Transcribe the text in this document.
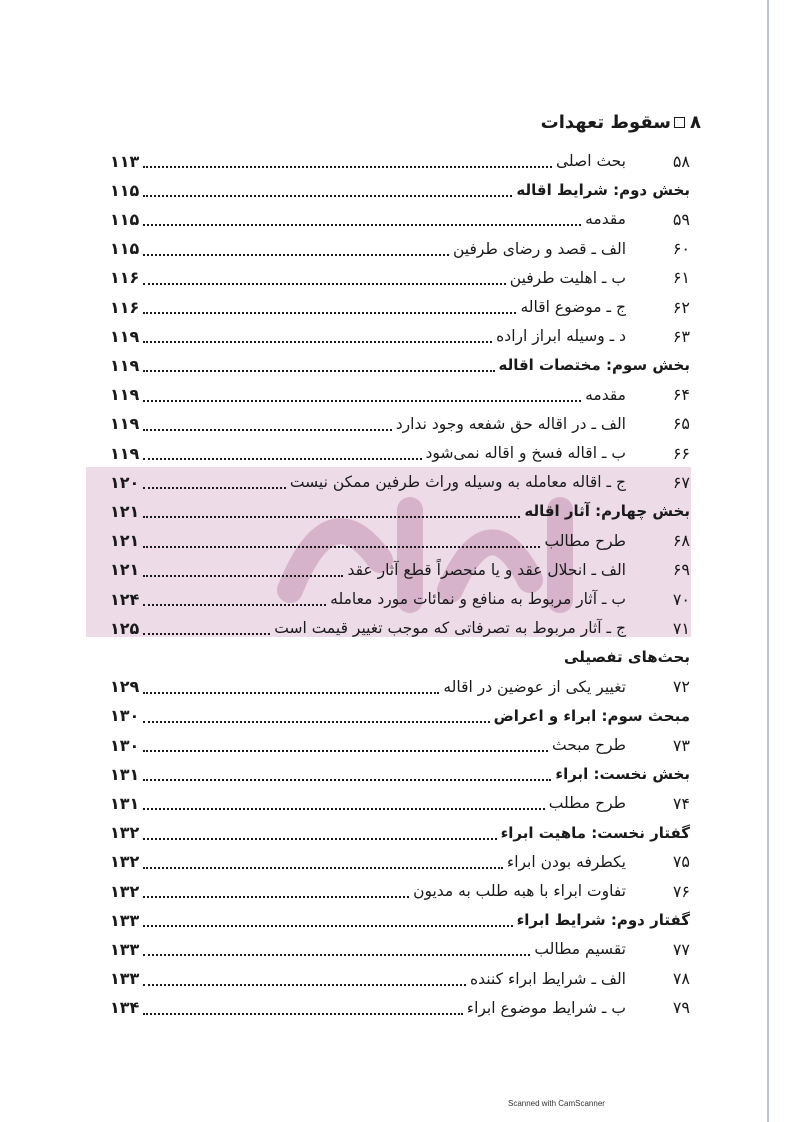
۸سقوط تعهدات
۵۸
بحث اصلی
۱۱۳
بخش دوم: شرایط اقاله
۱۱۵
۵۹
مقدمه
۱۱۵
۶۰
الف ـ قصد و رضای طرفین
۱۱۵
۶۱
ب ـ اهلیت طرفین
۱۱۶
۶۲
ج ـ موضوع اقاله
۱۱۶
۶۳
د ـ وسیله ابراز اراده
۱۱۹
بخش سوم: مختصات اقاله
۱۱۹
۶۴
مقدمه
۱۱۹
۶۵
الف ـ در اقاله حق شفعه وجود ندارد
۱۱۹
۶۶
ب ـ اقاله فسخ و اقاله نمی‌شود
۱۱۹
۶۷
ج ـ اقاله معامله به وسیله وراث طرفین ممکن نیست
۱۲۰
بخش چهارم: آثار اقاله
۱۲۱
۶۸
طرح مطالب
۱۲۱
۶۹
الف ـ انحلال عقد و یا منحصراً قطع آثار عقد
۱۲۱
۷۰
ب ـ آثار مربوط به منافع و نمائات مورد معامله
۱۲۴
۷۱
ج ـ آثار مربوط به تصرفاتی که موجب تغییر قیمت است
۱۲۵
بحث‌های تفصیلی
۷۲
تغییر یکی از عوضین در اقاله
۱۲۹
مبحث سوم: ابراء و اعراض
۱۳۰
۷۳
طرح مبحث
۱۳۰
بخش نخست: ابراء
۱۳۱
۷۴
طرح مطلب
۱۳۱
گفتار نخست: ماهیت ابراء
۱۳۲
۷۵
یکطرفه بودن ابراء
۱۳۲
۷۶
تفاوت ابراء با هبه طلب به مدیون
۱۳۲
گفتار دوم: شرایط ابراء
۱۳۳
۷۷
تقسیم مطالب
۱۳۳
۷۸
الف ـ شرایط ابراء کننده
۱۳۳
۷۹
ب ـ شرایط موضوع ابراء
۱۳۴
Scanned with CamScanner
